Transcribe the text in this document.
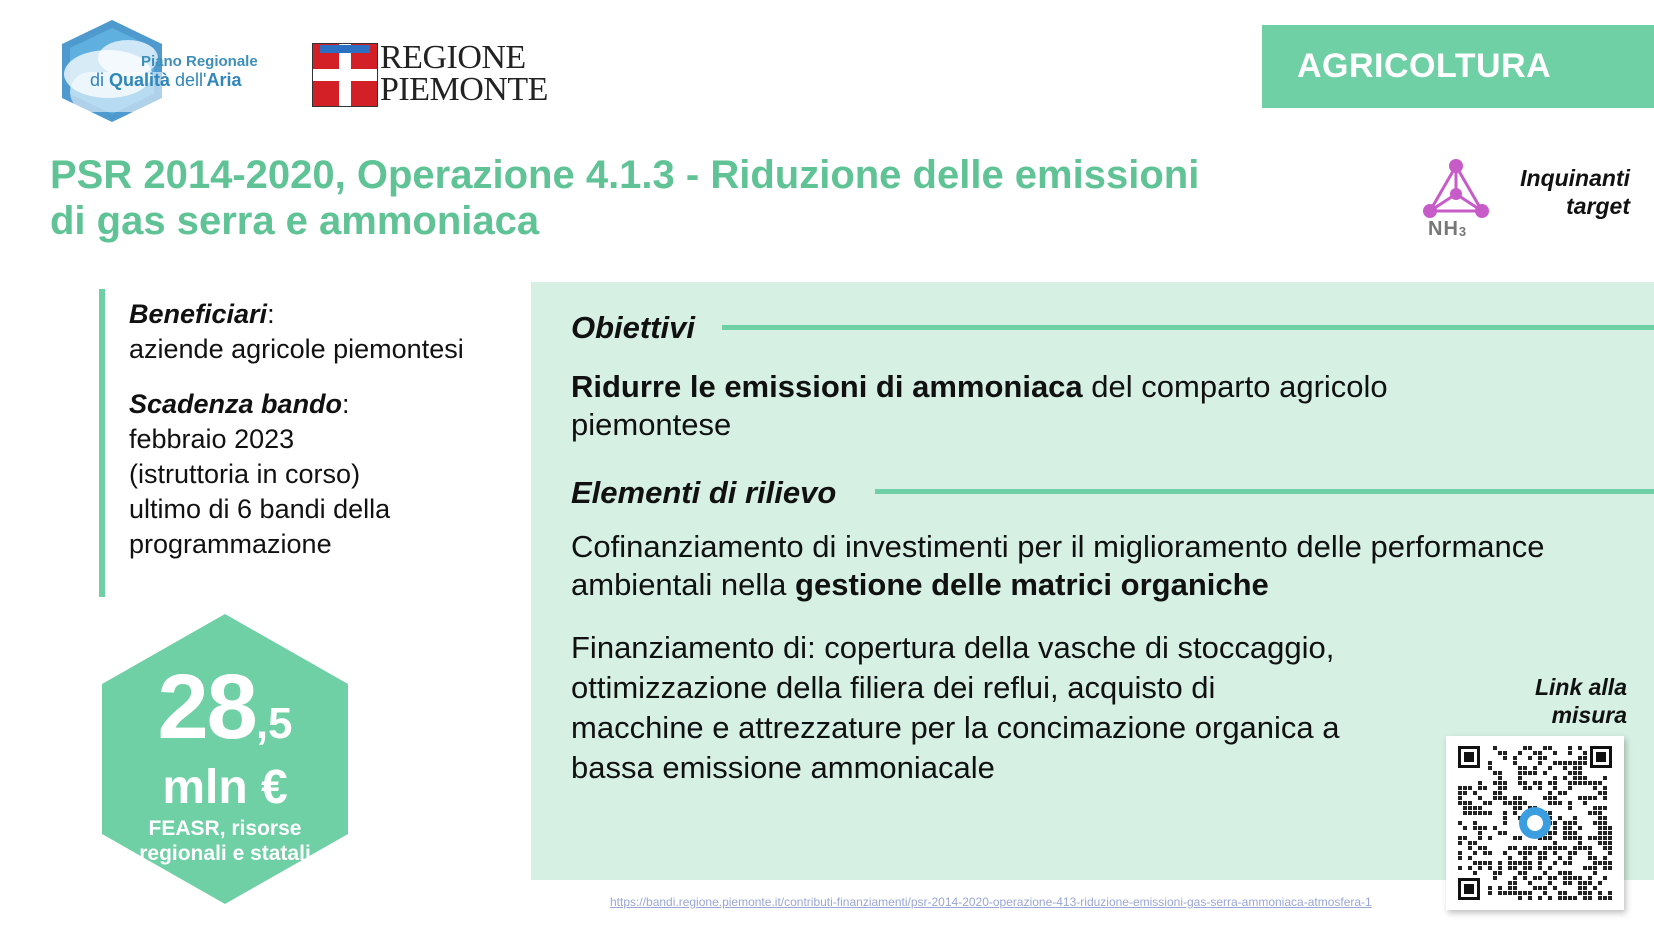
Piano Regionale
di Qualità dell'Aria
REGIONE
PIEMONTE
AGRICOLTURA
PSR 2014-2020, Operazione 4.1.3 - Riduzione delle emissioni
di gas serra e ammoniaca	$NH_3$
Inquinanti
target

Beneficiari:
aziende agricole piemontesi

Scadenza bando:
febbraio 2023
(istruttoria in corso)
ultimo di 6 bandi della
programmazione

28,5
mln €
FEASR, risorse regionali e statali
Obiettivi
Ridurre le emissioni di ammoniaca del comparto agricolo
piemontese
Elementi di rilievo
Cofinanziamento di investimenti per il miglioramento delle performance
ambientali nella gestione delle matrici organiche
Finanziamento di: copertura della vasche di stoccaggio,
ottimizzazione della filiera dei reflui, acquisto di
macchine e attrezzature per la concimazione organica a
bassa emissione ammoniacale
Link alla
misura
https://bandi.regione.piemonte.it/contributi-finanziamenti/psr-2014-2020-operazione-413-riduzione-emissioni-gas-serra-ammoniaca-atmosfera-1
